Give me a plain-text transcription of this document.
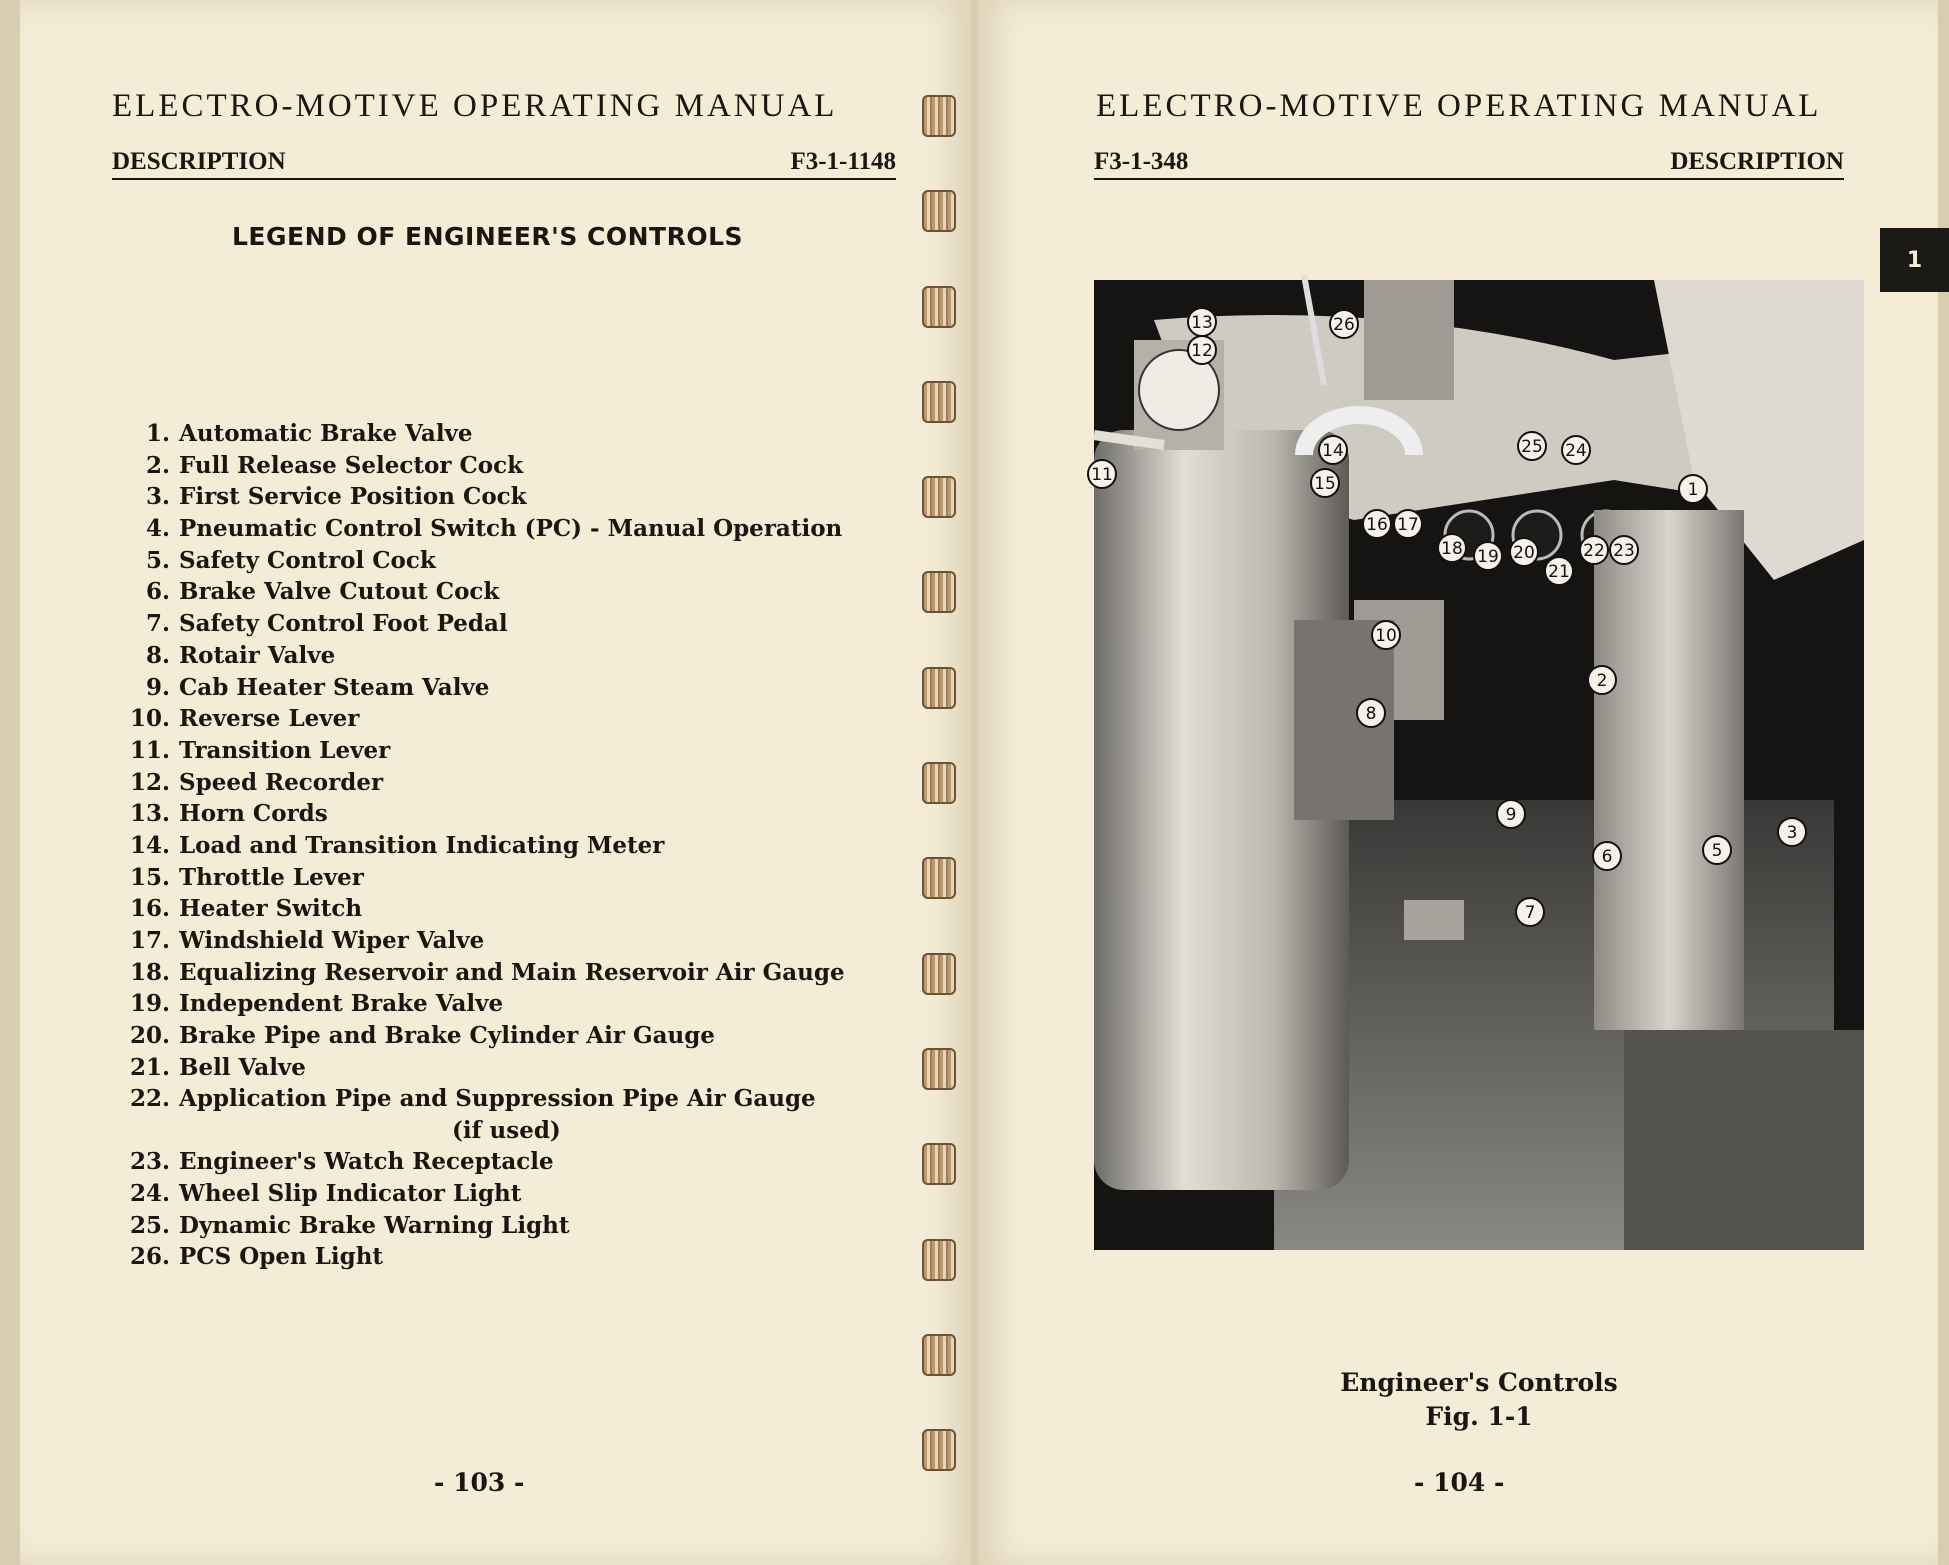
ELECTRO-MOTIVE OPERATING MANUAL
DESCRIPTION	F3-1-1148
LEGEND OF ENGINEER'S CONTROLS
1. Automatic Brake Valve
2. Full Release Selector Cock
3. First Service Position Cock
4. Pneumatic Control Switch (PC) - Manual Operation
5. Safety Control Cock
6. Brake Valve Cutout Cock
7. Safety Control Foot Pedal
8. Rotair Valve
9. Cab Heater Steam Valve
10. Reverse Lever
11. Transition Lever
12. Speed Recorder
13. Horn Cords
14. Load and Transition Indicating Meter
15. Throttle Lever
16. Heater Switch
17. Windshield Wiper Valve
18. Equalizing Reservoir and Main Reservoir Air Gauge
19. Independent Brake Valve
20. Brake Pipe and Brake Cylinder Air Gauge
21. Bell Valve
22. Application Pipe and Suppression Pipe Air Gauge
(if used)
23. Engineer's Watch Receptacle
24. Wheel Slip Indicator Light
25. Dynamic Brake Warning Light
26. PCS Open Light
- 103 -
ELECTRO-MOTIVE OPERATING MANUAL
F3-1-348	DESCRIPTION
- 104 -
1
13
12
26
14	25 24
11	15	1
16 17
18 19 20
21
22 23
10
2
8
9
3
5
6
7
Engineer's Controls
Fig. 1-1
